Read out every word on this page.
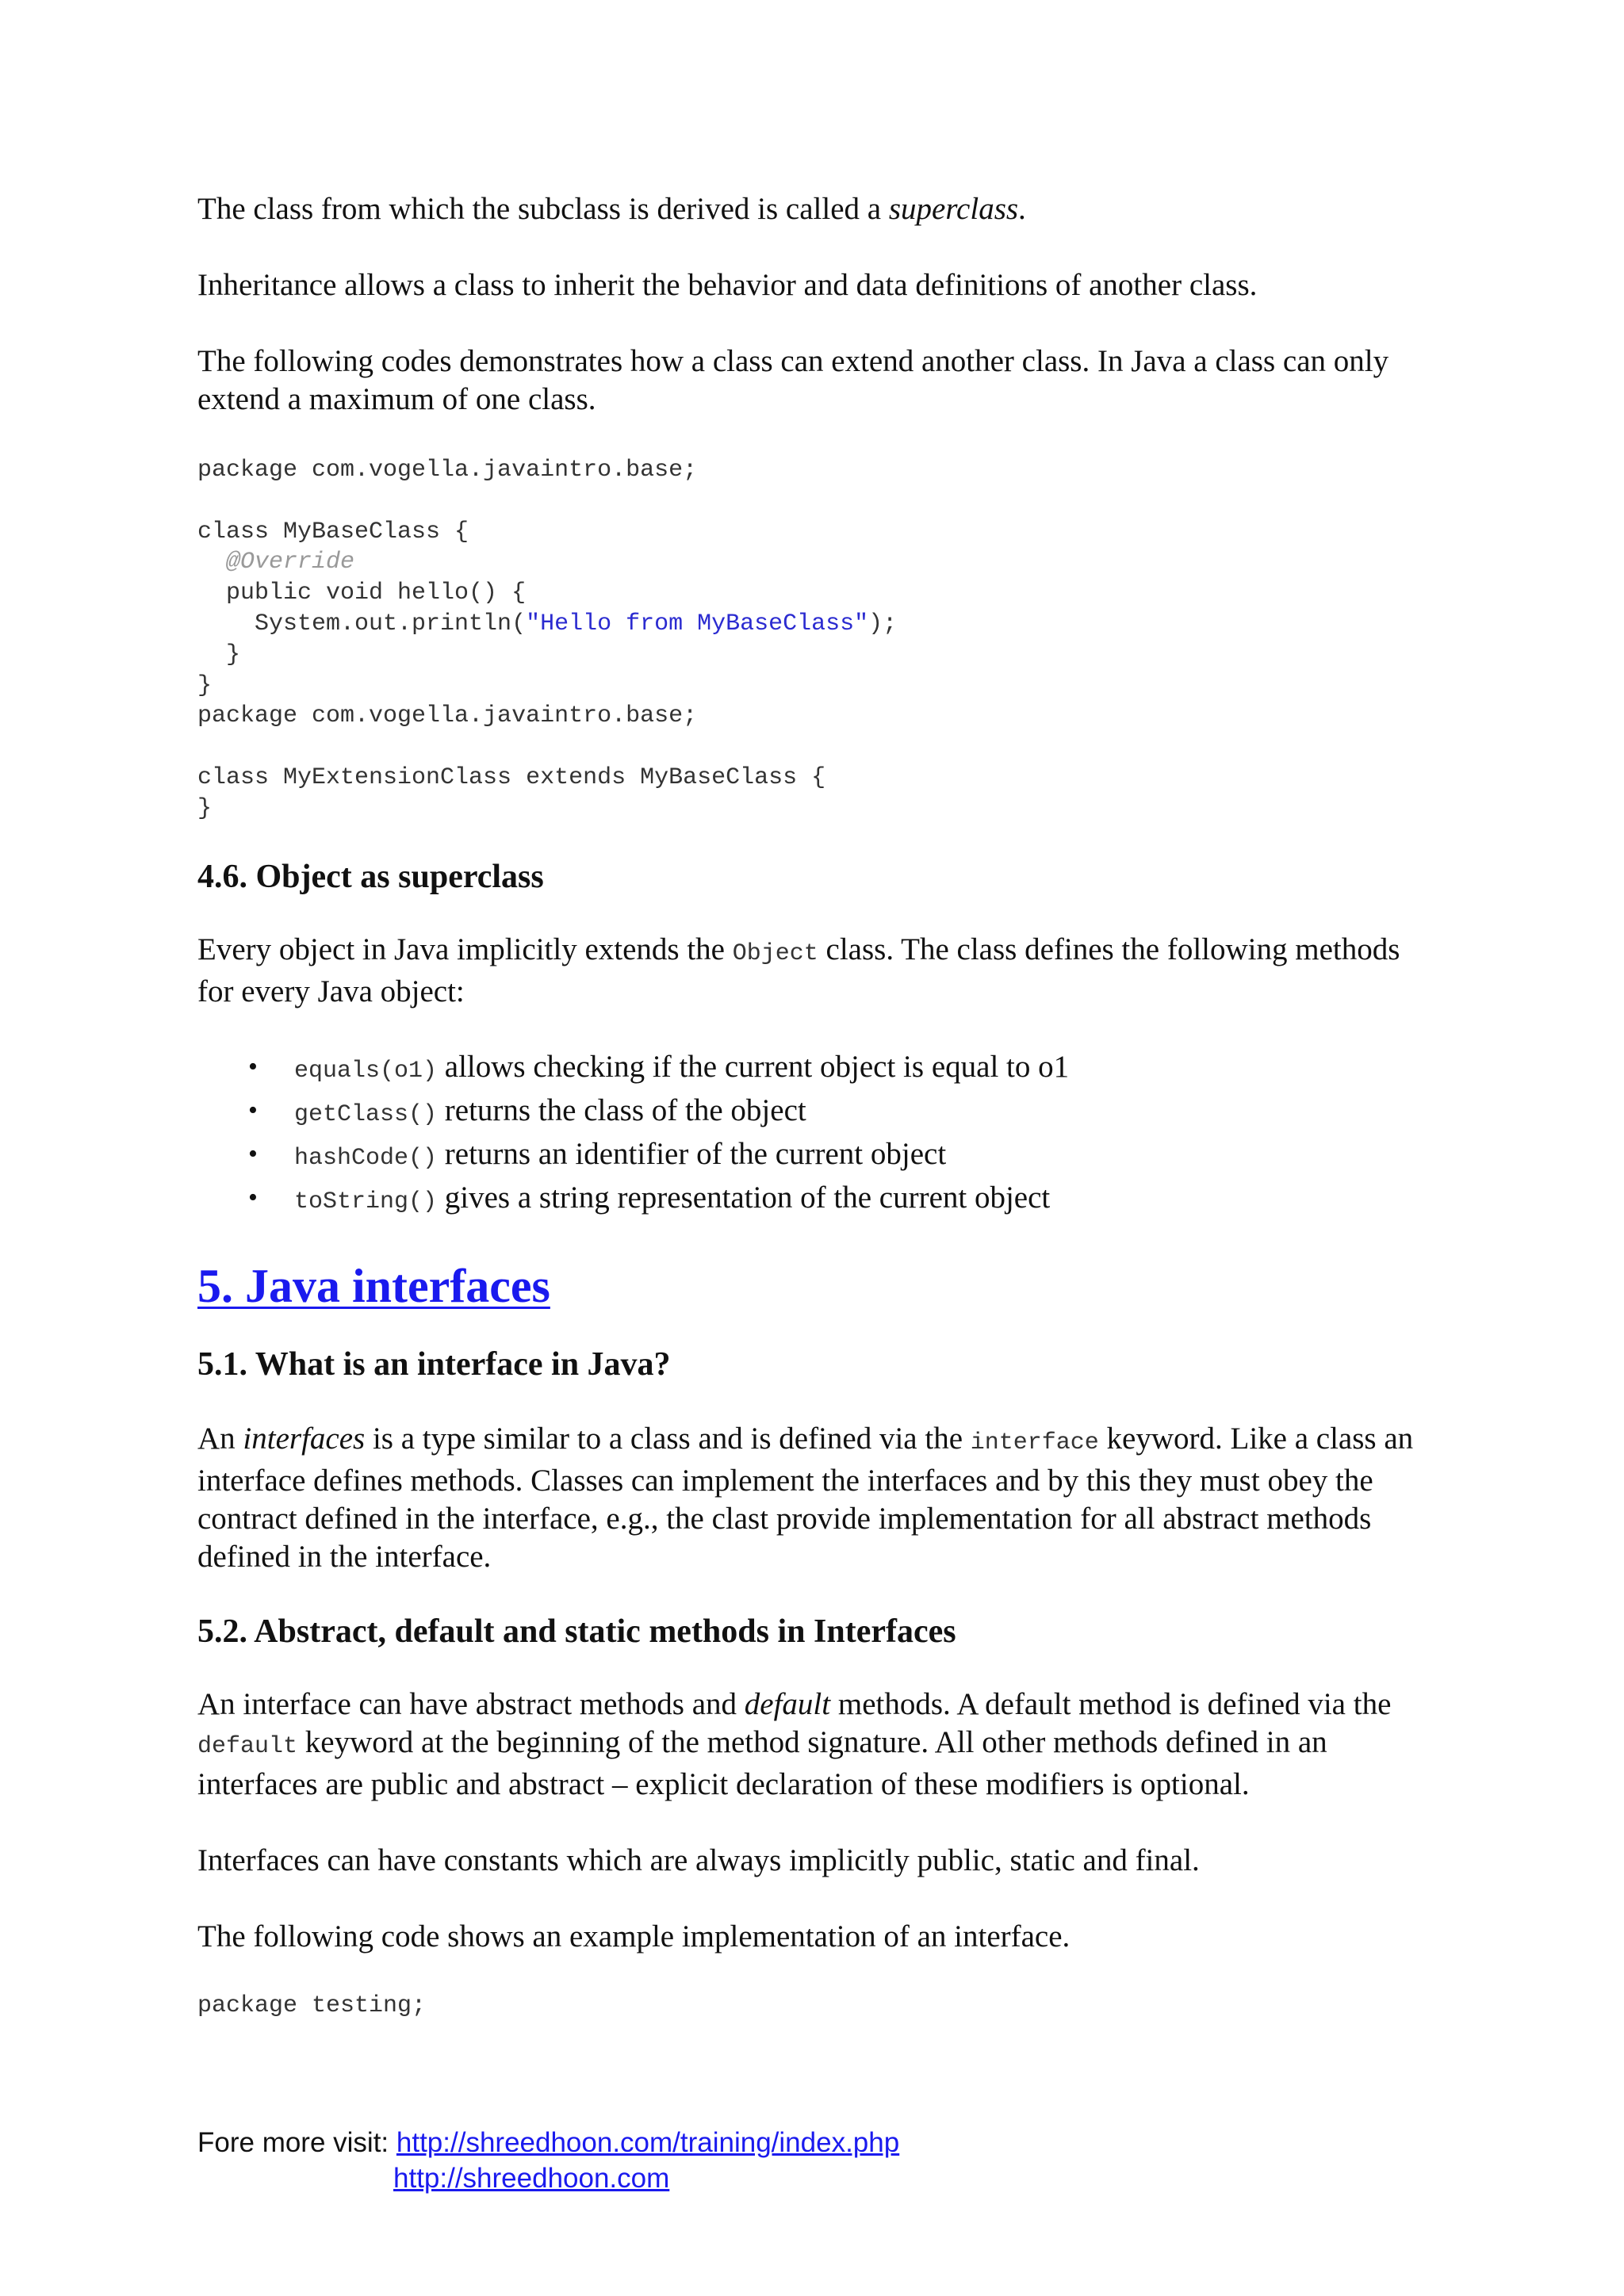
The class from which the subclass is derived is called a superclass.

Inheritance allows a class to inherit the behavior and data definitions of another class.

The following codes demonstrates how a class can extend another class. In Java a class can only extend a maximum of one class.

package com.vogella.javaintro.base;

class MyBaseClass {
@Override
public void hello() {
System.out.println("Hello from MyBaseClass");
}
}
package com.vogella.javaintro.base;

class MyExtensionClass extends MyBaseClass {
}
4.6. Object as superclass

Every object in Java implicitly extends the Object class. The class defines the following methods for every Java object:

• equals(o1) allows checking if the current object is equal to o1
• getClass() returns the class of the object
• hashCode() returns an identifier of the current object
• toString() gives a string representation of the current object
5. Java interfaces
5.1. What is an interface in Java?

An interfaces is a type similar to a class and is defined via the interface keyword. Like a class an interface defines methods. Classes can implement the interfaces and by this they must obey the contract defined in the interface, e.g., the clast provide implementation for all abstract methods defined in the interface.

5.2. Abstract, default and static methods in Interfaces

An interface can have abstract methods and default methods. A default method is defined via the default keyword at the beginning of the method signature. All other methods defined in an interfaces are public and abstract – explicit declaration of these modifiers is optional.

Interfaces can have constants which are always implicitly public, static and final.

The following code shows an example implementation of an interface.

package testing;
Fore more visit: http://shreedhoon.com/training/index.php
http://shreedhoon.com
